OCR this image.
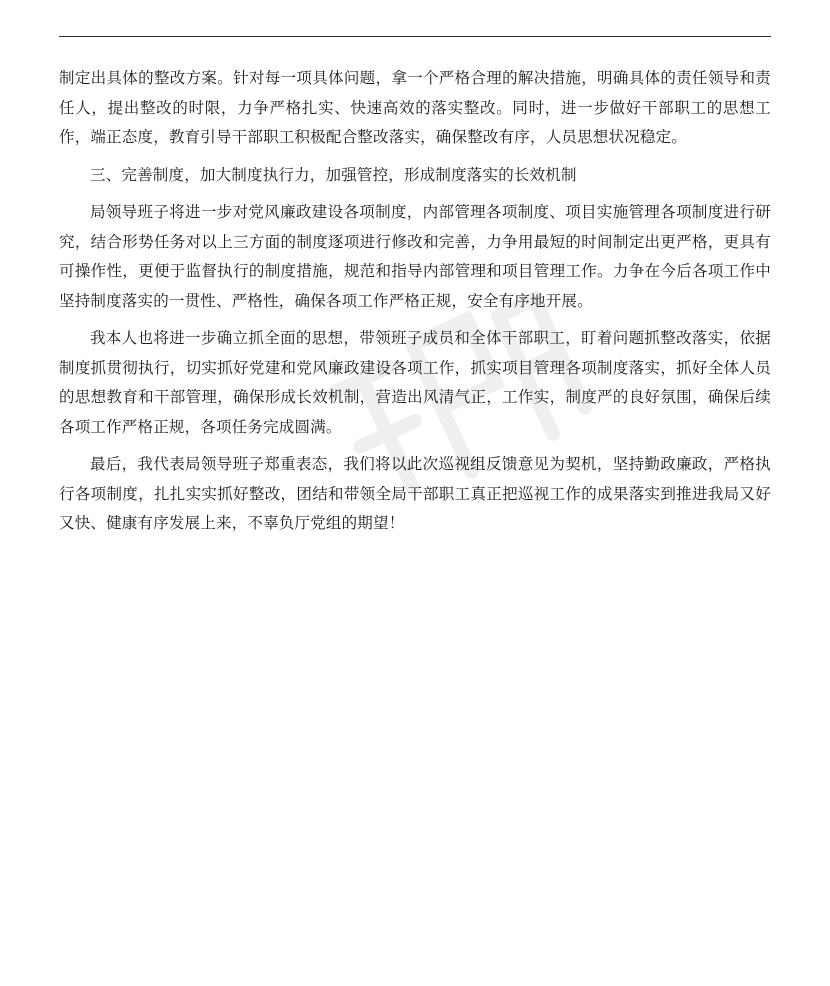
制定出具体的整改方案。针对每一项具体问题，拿一个严格合理的解决措施，明确具体的责任领导和责任人，提出整改的时限，力争严格扎实、快速高效的落实整改。同时，进一步做好干部职工的思想工作，端正态度，教育引导干部职工积极配合整改落实，确保整改有序，人员思想状况稳定。

三、完善制度，加大制度执行力，加强管控，形成制度落实的长效机制

局领导班子将进一步对党风廉政建设各项制度，内部管理各项制度、项目实施管理各项制度进行研究，结合形势任务对以上三方面的制度逐项进行修改和完善，力争用最短的时间制定出更严格，更具有可操作性，更便于监督执行的制度措施，规范和指导内部管理和项目管理工作。力争在今后各项工作中坚持制度落实的一贯性、严格性，确保各项工作严格正规，安全有序地开展。

我本人也将进一步确立抓全面的思想，带领班子成员和全体干部职工，盯着问题抓整改落实，依据制度抓贯彻执行，切实抓好党建和党风廉政建设各项工作，抓实项目管理各项制度落实，抓好全体人员的思想教育和干部管理，确保形成长效机制，营造出风清气正，工作实，制度严的良好氛围，确保后续各项工作严格正规，各项任务完成圆满。

最后，我代表局领导班子郑重表态，我们将以此次巡视组反馈意见为契机，坚持勤政廉政，严格执行各项制度，扎扎实实抓好整改，团结和带领全局干部职工真正把巡视工作的成果落实到推进我局又好又快、健康有序发展上来，不辜负厅党组的期望！
